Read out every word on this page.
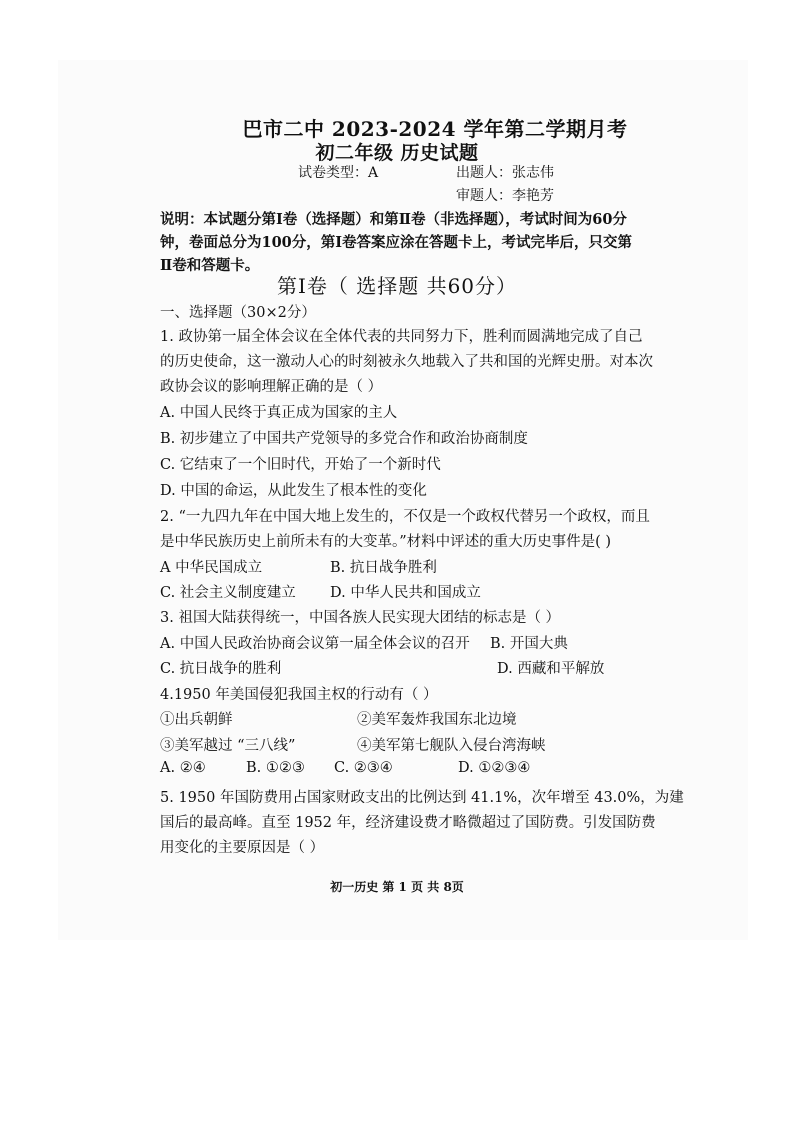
巴市二中 2023-2024 学年第二学期月考
初二年级 历史试题
试卷类型：A	出题人：张志伟
审题人：李艳芳
说明：本试题分第Ⅰ卷（选择题）和第Ⅱ卷（非选择题），考试时间为60分
钟，卷面总分为100分，第Ⅰ卷答案应涂在答题卡上，考试完毕后，只交第
Ⅱ卷和答题卡。
第Ⅰ卷（ 选择题 共60分）
一、选择题（30×2分）
1. 政协第一届全体会议在全体代表的共同努力下，胜利而圆满地完成了自己
的历史使命，这一激动人心的时刻被永久地载入了共和国的光辉史册。对本次
政协会议的影响理解正确的是（ ）
A. 中国人民终于真正成为国家的主人
B. 初步建立了中国共产党领导的多党合作和政治协商制度
C. 它结束了一个旧时代，开始了一个新时代
D. 中国的命运，从此发生了根本性的变化
2. “一九四九年在中国大地上发生的，不仅是一个政权代替另一个政权，而且
是中华民族历史上前所未有的大变革。”材料中评述的重大历史事件是( )
A 中华民国成立	B. 抗日战争胜利
C. 社会主义制度建立 D. 中华人民共和国成立
3. 祖国大陆获得统一，中国各族人民实现大团结的标志是（ ）
A. 中国人民政治协商会议第一届全体会议的召开 B. 开国大典
C. 抗日战争的胜利	D. 西藏和平解放
4.1950 年美国侵犯我国主权的行动有（ ）
①出兵朝鲜	②美军轰炸我国东北边境
③美军越过 “三八线”	④美军第七舰队入侵台湾海峡
A. ②④	B. ①②③ C. ②③④	D. ①②③④
5. 1950 年国防费用占国家财政支出的比例达到 41.1%，次年增至 43.0%，为建
国后的最高峰。直至 1952 年，经济建设费才略微超过了国防费。引发国防费
用变化的主要原因是（ ）
初一历史 第 1 页 共 8页
